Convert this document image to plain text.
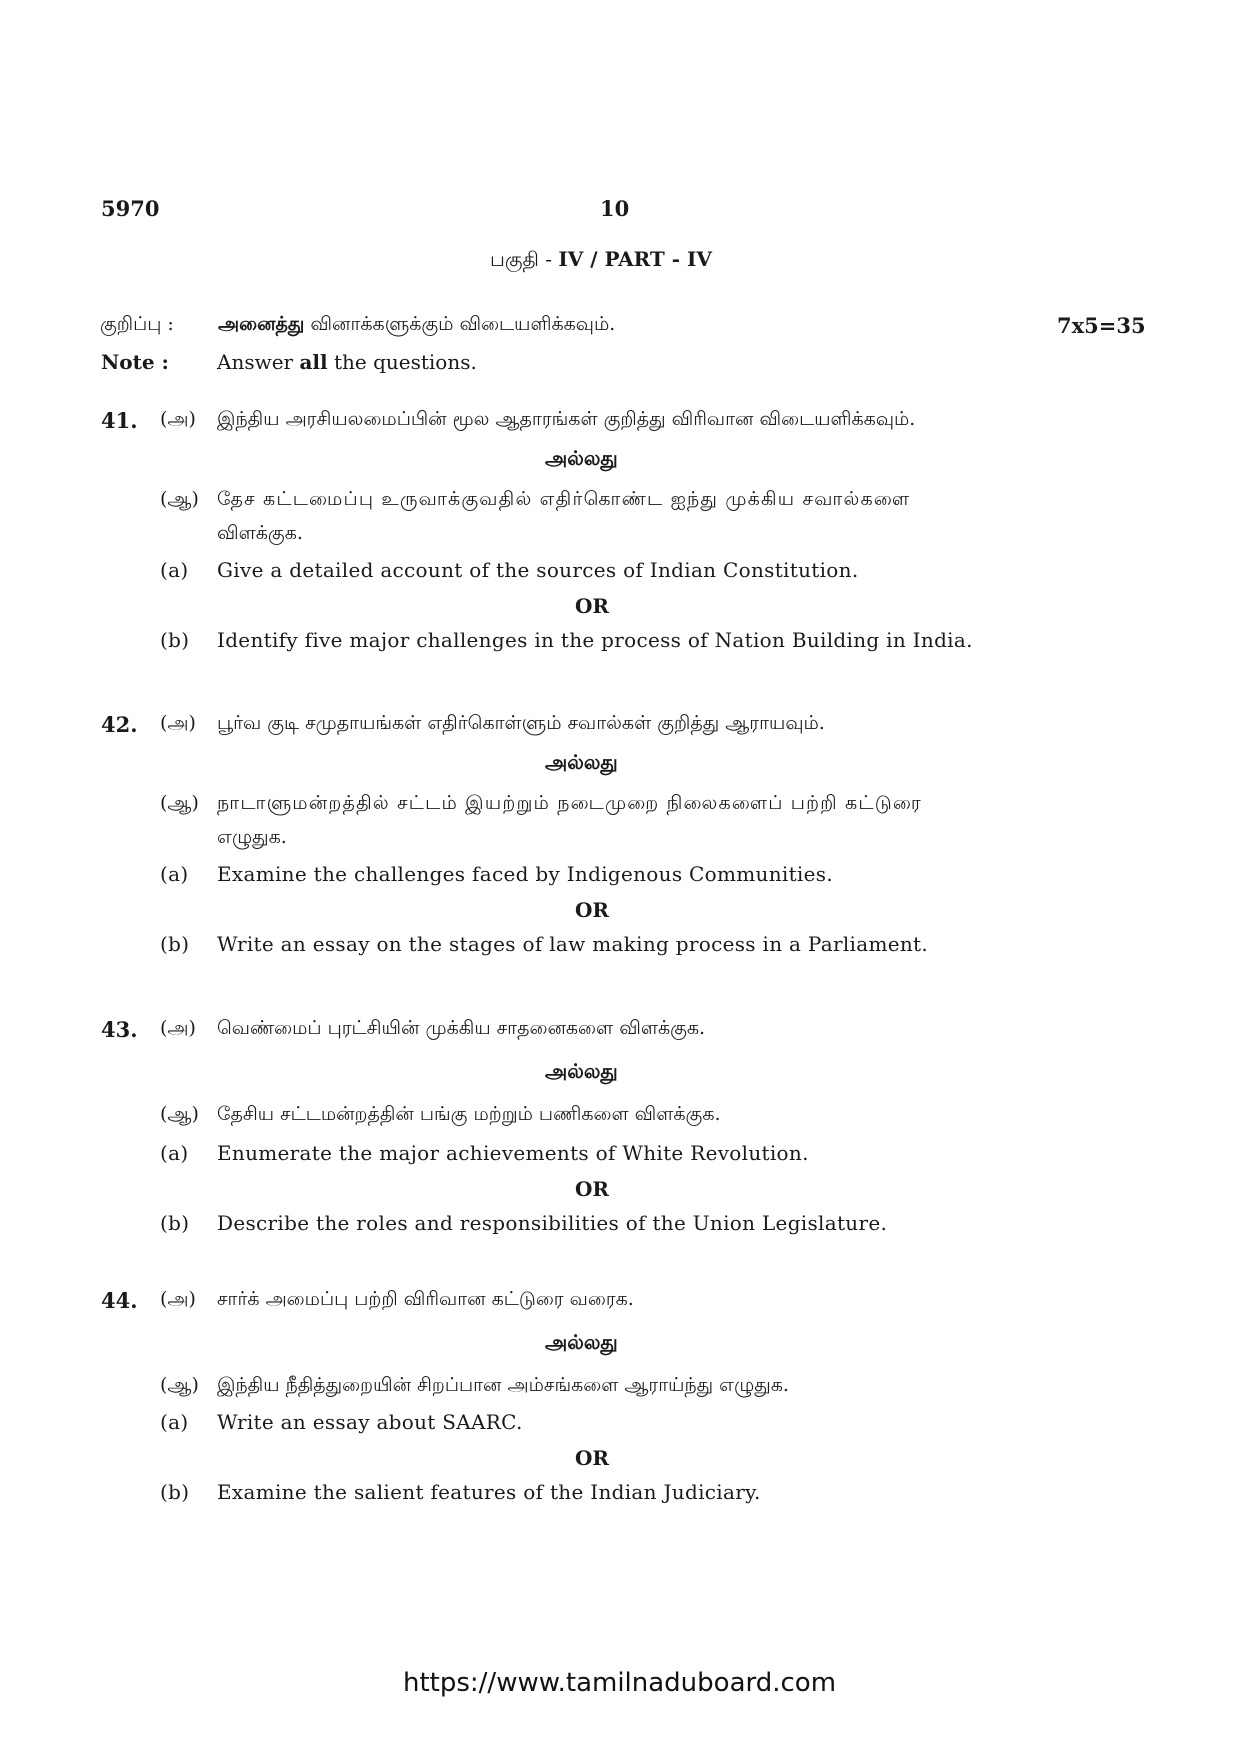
5970	10
பகுதி - IV / PART - IV
குறிப்பு : அனைத்து வினாக்களுக்கும் விடையளிக்கவும்.	7x5=35
Note : Answer all the questions.
41. (அ) இந்திய அரசியலமைப்பின் மூல ஆதாரங்கள் குறித்து விரிவான விடையளிக்கவும்.
அல்லது
(ஆ) தேச கட்டமைப்பு உருவாக்குவதில் எதிர்கொண்ட ஐந்து முக்கிய சவால்களை
விளக்குக.
(a) Give a detailed account of the sources of Indian Constitution.
OR
(b) Identify five major challenges in the process of Nation Building in India.
42. (அ) பூர்வ குடி சமுதாயங்கள் எதிர்கொள்ளும் சவால்கள் குறித்து ஆராயவும்.
அல்லது
(ஆ) நாடாளுமன்றத்தில் சட்டம் இயற்றும் நடைமுறை நிலைகளைப் பற்றி கட்டுரை
எழுதுக.
(a) Examine the challenges faced by Indigenous Communities.
OR
(b) Write an essay on the stages of law making process in a Parliament.
43. (அ) வெண்மைப் புரட்சியின் முக்கிய சாதனைகளை விளக்குக.
அல்லது
(ஆ) தேசிய சட்டமன்றத்தின் பங்கு மற்றும் பணிகளை விளக்குக.
(a) Enumerate the major achievements of White Revolution.
OR
(b) Describe the roles and responsibilities of the Union Legislature.
44. (அ) சார்க் அமைப்பு பற்றி விரிவான கட்டுரை வரைக.
அல்லது
(ஆ) இந்திய நீதித்துறையின் சிறப்பான அம்சங்களை ஆராய்ந்து எழுதுக.
(a) Write an essay about SAARC.
OR
(b) Examine the salient features of the Indian Judiciary.
https://www.tamilnaduboard.com
